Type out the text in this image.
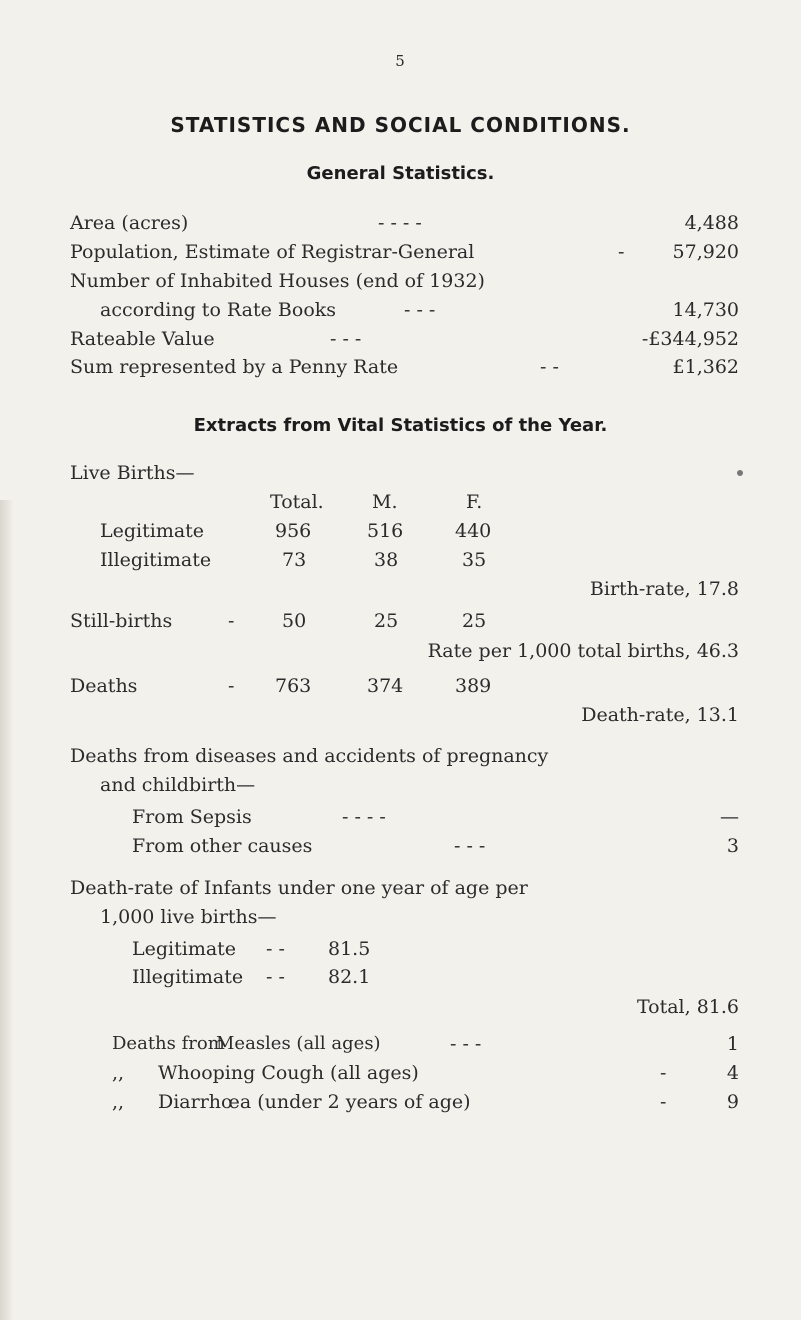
5
STATISTICS AND SOCIAL CONDITIONS.
General Statistics.
Area (acres)	- - - -	4,488
Population, Estimate of Registrar-General	-	57,920
Number of Inhabited Houses (end of 1932)
according to Rate Books	- - -	14,730
Rateable Value	- - -	-£344,952
Sum represented by a Penny Rate	- -	£1,362
Extracts from Vital Statistics of the Year.
Live Births—
Total.	M.	F.
Legitimate	956	516	440
Illegitimate	73	38	35
Birth-rate, 17.8
Still-births	-	50	25	25
Rate per 1,000 total births, 46.3
Deaths	- 763	374	389
Death-rate, 13.1
Deaths from diseases and accidents of pregnancy
and childbirth—
From Sepsis	- - - -	—
From other causes	- - -	3
Death-rate of Infants under one year of age per
1,000 live births—
Legitimate - - 81.5
Illegitimate - - 82.1
Total, 81.6
Deaths from
Measles (all ages)	- - -	1
,, Whooping Cough (all ages)	-	4
,, Diarrhœa (under 2 years of age)	-	9
